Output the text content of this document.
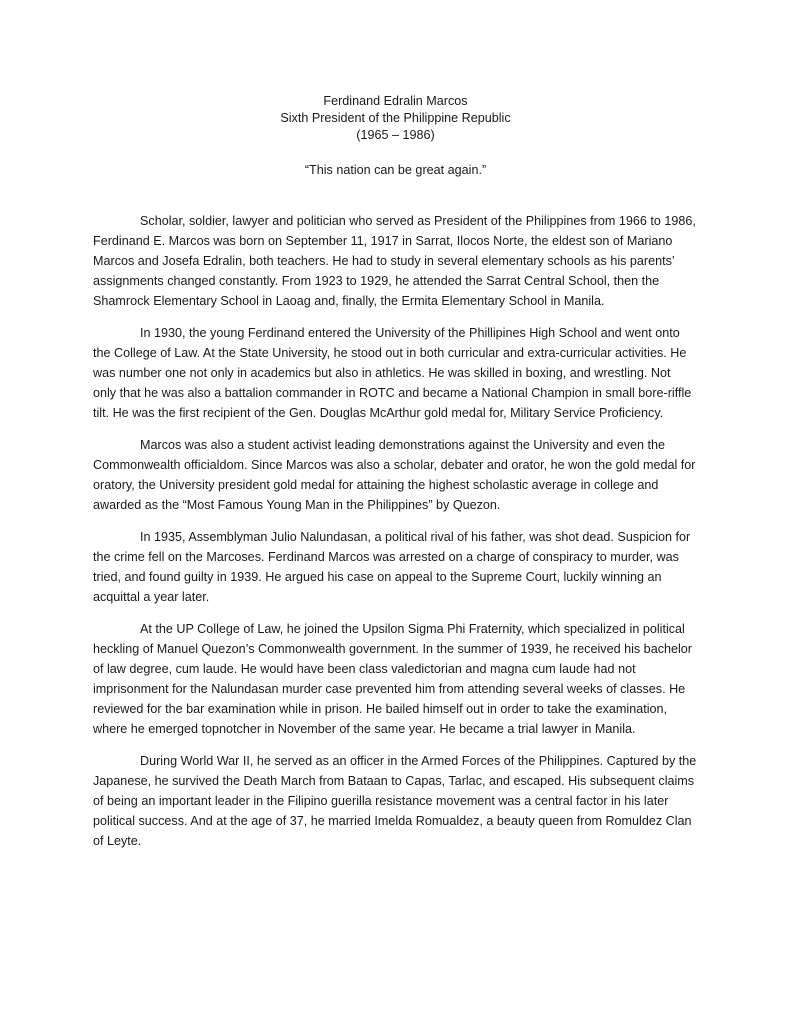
Ferdinand Edralin Marcos
Sixth President of the Philippine Republic
(1965 – 1986)
“This nation can be great again.”

Scholar, soldier, lawyer and politician who served as President of the Philippines from 1966 to 1986, Ferdinand E. Marcos was born on September 11, 1917 in Sarrat, Ilocos Norte, the eldest son of Mariano Marcos and Josefa Edralin, both teachers. He had to study in several elementary schools as his parents’ assignments changed constantly. From 1923 to 1929, he attended the Sarrat Central School, then the Shamrock Elementary School in Laoag and, finally, the Ermita Elementary School in Manila.

In 1930, the young Ferdinand entered the University of the Phillipines High School and went onto the College of Law. At the State University, he stood out in both curricular and extra-curricular activities. He was number one not only in academics but also in athletics. He was skilled in boxing, and wrestling. Not only that he was also a battalion commander in ROTC and became a National Champion in small bore-riffle tilt. He was the first recipient of the Gen. Douglas McArthur gold medal for, Military Service Proficiency.

Marcos was also a student activist leading demonstrations against the University and even the Commonwealth officialdom. Since Marcos was also a scholar, debater and orator, he won the gold medal for oratory, the University president gold medal for attaining the highest scholastic average in college and awarded as the “Most Famous Young Man in the Philippines” by Quezon.

In 1935, Assemblyman Julio Nalundasan, a political rival of his father, was shot dead. Suspicion for the crime fell on the Marcoses. Ferdinand Marcos was arrested on a charge of conspiracy to murder, was tried, and found guilty in 1939. He argued his case on appeal to the Supreme Court, luckily winning an acquittal a year later.

At the UP College of Law, he joined the Upsilon Sigma Phi Fraternity, which specialized in political heckling of Manuel Quezon’s Commonwealth government. In the summer of 1939, he received his bachelor of law degree, cum laude. He would have been class valedictorian and magna cum laude had not imprisonment for the Nalundasan murder case prevented him from attending several weeks of classes. He reviewed for the bar examination while in prison. He bailed himself out in order to take the examination, where he emerged topnotcher in November of the same year. He became a trial lawyer in Manila.

During World War II, he served as an officer in the Armed Forces of the Philippines. Captured by the Japanese, he survived the Death March from Bataan to Capas, Tarlac, and escaped. His subsequent claims of being an important leader in the Filipino guerilla resistance movement was a central factor in his later political success. And at the age of 37, he married Imelda Romualdez, a beauty queen from Romuldez Clan of Leyte.
